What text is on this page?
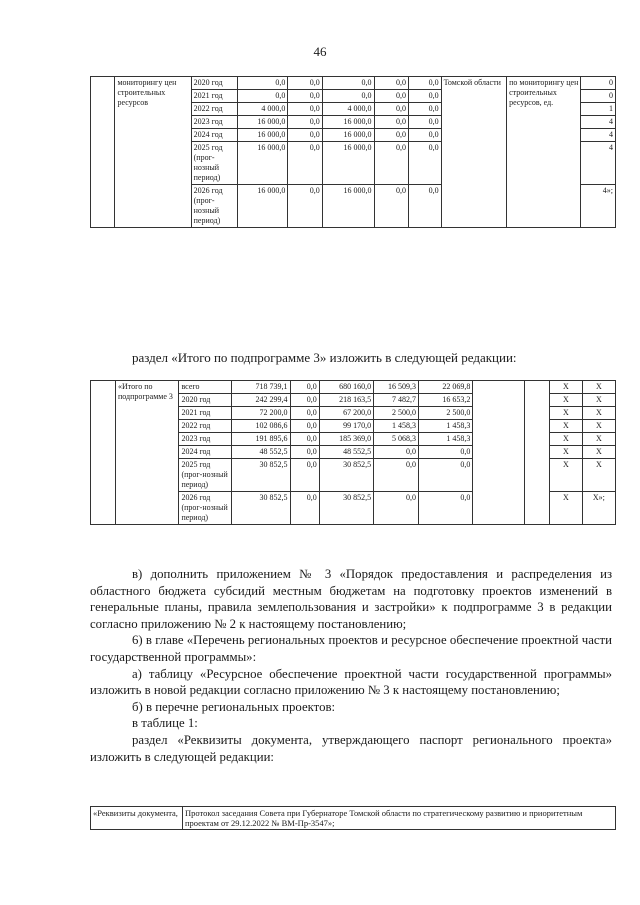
46
	мониторингу цен строительных ресурсов	2020 год	0,0	0,0	0,0	0,0	0,0	Томской области	по мониторингу цен строительных ресурсов, ед.	0
		2021 год	0,0	0,0	0,0	0,0	0,0			0
		2022 год	4 000,0	0,0	4 000,0	0,0	0,0			1
		2023 год	16 000,0	0,0	16 000,0	0,0	0,0			4
		2024 год	16 000,0	0,0	16 000,0	0,0	0,0			4
		2025 год (прог-нозный период)	16 000,0	0,0	16 000,0	0,0	0,0			4
		2026 год (прог-нозный период)	16 000,0	0,0	16 000,0	0,0	0,0			4»;
раздел «Итого по подпрограмме 3» изложить в следующей редакции:
	«Итого по подпрограмме 3	всего	718 739,1	0,0	680 160,0	16 509,3	22 069,8			Х	Х
		2020 год	242 299,4	0,0	218 163,5	7 482,7	16 653,2			Х	Х
		2021 год	72 200,0	0,0	67 200,0	2 500,0	2 500,0			Х	Х
		2022 год	102 086,6	0,0	99 170,0	1 458,3	1 458,3			Х	Х
		2023 год	191 895,6	0,0	185 369,0	5 068,3	1 458,3			Х	Х
		2024 год	48 552,5	0,0	48 552,5	0,0	0,0			Х	Х
		2025 год (прог-нозный период)	30 852,5	0,0	30 852,5	0,0	0,0			Х	Х
		2026 год (прог-нозный период)	30 852,5	0,0	30 852,5	0,0	0,0			Х	Х»;

в) дополнить приложением № 3 «Порядок предоставления и распределения из областного бюджета субсидий местным бюджетам на подготовку проектов изменений в генеральные планы, правила землепользования и застройки» к подпрограмме 3 в редакции согласно приложению № 2 к настоящему постановлению;

6) в главе «Перечень региональных проектов и ресурсное обеспечение проектной части государственной программы»:

а) таблицу «Ресурсное обеспечение проектной части государственной программы» изложить в новой редакции согласно приложению № 3 к настоящему постановлению;

б) в перечне региональных проектов:

в таблице 1:

раздел «Реквизиты документа, утверждающего паспорт регионального проекта» изложить в следующей редакции:

«Реквизиты документа,	Протокол заседания Совета при Губернаторе Томской области по стратегическому развитию и приоритетным проектам от 29.12.2022 № ВМ-Пр-3547»;
